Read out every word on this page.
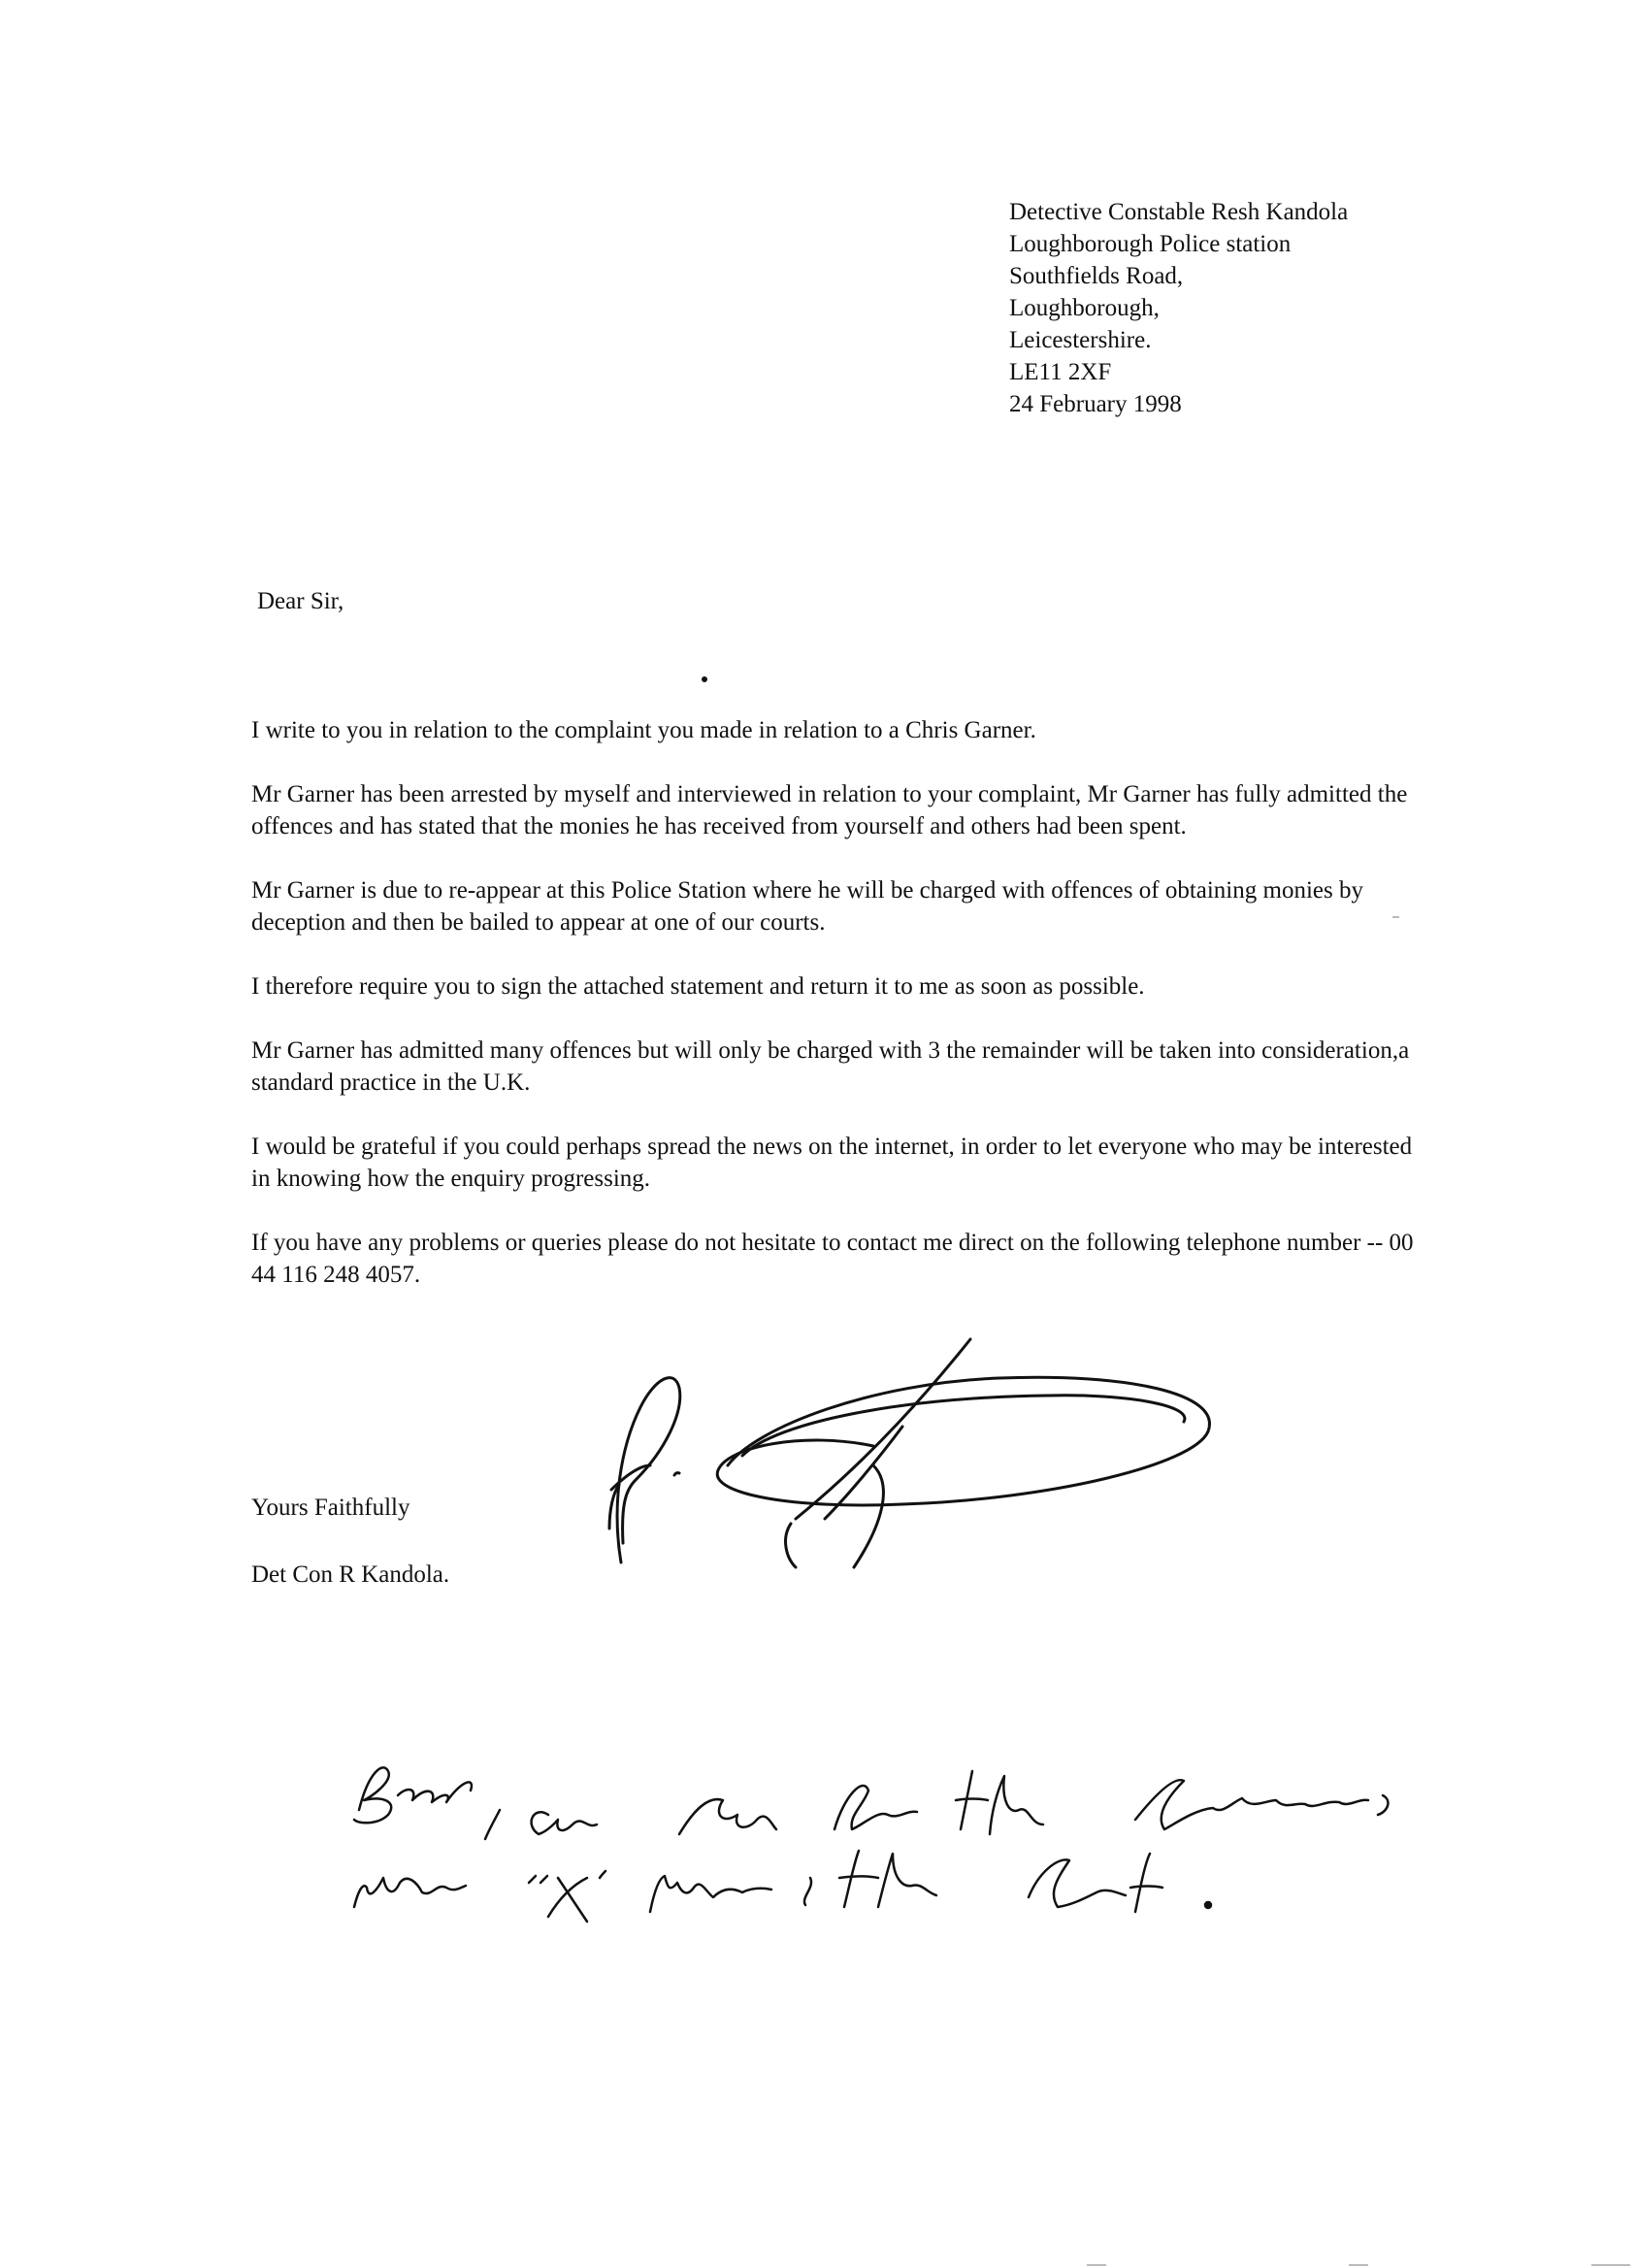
Detective Constable Resh Kandola
Loughborough Police station
Southfields Road,
Loughborough,
Leicestershire.
LE11 2XF
24 February 1998
Dear Sir,

I write to you in relation to the complaint you made in relation to a Chris Garner.

Mr Garner has been arrested by myself and interviewed in relation to your complaint, Mr Garner has fully admitted the offences and has stated that the monies he has received from yourself and others had been spent.

Mr Garner is due to re-appear at this Police Station where he will be charged with offences of obtaining monies by deception and then be bailed to appear at one of our courts.

I therefore require you to sign the attached statement and return it to me as soon as possible.

Mr Garner has admitted many offences but will only be charged with 3 the remainder will be taken into consideration,a standard practice in the U.K.

I would be grateful if you could perhaps spread the news on the internet, in order to let everyone who may be interested in knowing how the enquiry progressing.

If you have any problems or queries please do not hesitate to contact me direct on the following telephone number -- 00 44 116 248 4057.

Yours Faithfully
Det Con R Kandola.
